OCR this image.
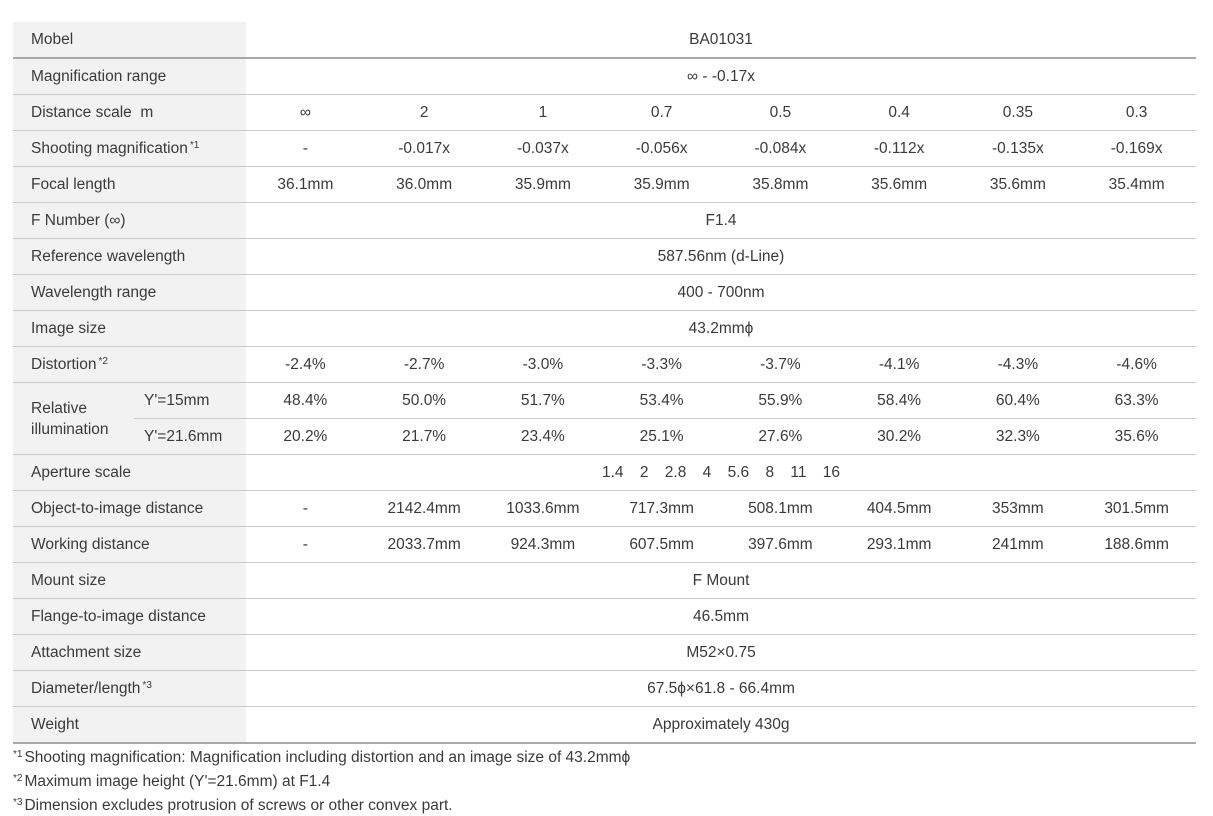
Mobel		BA01031							
Magnification range		∞ - -0.17x							
Distance scale  m		∞	2	1	0.7	0.5	0.4	0.35	0.3
Shooting magnification $^{*1}$		-	-0.017x	-0.037x	-0.056x	-0.084x	-0.112x	-0.135x	-0.169x
Focal length		36.1mm	36.0mm	35.9mm	35.9mm	35.8mm	35.6mm	35.6mm	35.4mm
F Number (∞)		F1.4							
Reference wavelength		587.56nm (d-Line)							
Wavelength range		400 - 700nm							
Image size		43.2mmϕ							
Distortion $^{*2}$		-2.4%	-2.7%	-3.0%	-3.3%	-3.7%	-4.1%	-4.3%	-4.6%
Relative illumination	Y'=15mm	48.4%	50.0%	51.7%	53.4%	55.9%	58.4%	60.4%	63.3%
	Y'=21.6mm	20.2%	21.7%	23.4%	25.1%	27.6%	30.2%	32.3%	35.6%
Aperture scale		1.4 2 2.8 4 5.6 8 11 16							
Object-to-image distance		-	2142.4mm	1033.6mm	717.3mm	508.1mm	404.5mm	353mm	301.5mm
Working distance		-	2033.7mm	924.3mm	607.5mm	397.6mm	293.1mm	241mm	188.6mm
Mount size		F Mount							
Flange-to-image distance		46.5mm							
Attachment size		M52×0.75							
Diameter/length $^{*3}$		67.5ϕ×61.8 - 66.4mm							
Weight		Approximately 430g							
$^{*1}$ Shooting magnification: Magnification including distortion and an image size of 43.2mmϕ
$^{*2}$ Maximum image height (Y'=21.6mm) at F1.4
$^{*3}$ Dimension excludes protrusion of screws or other convex part.
